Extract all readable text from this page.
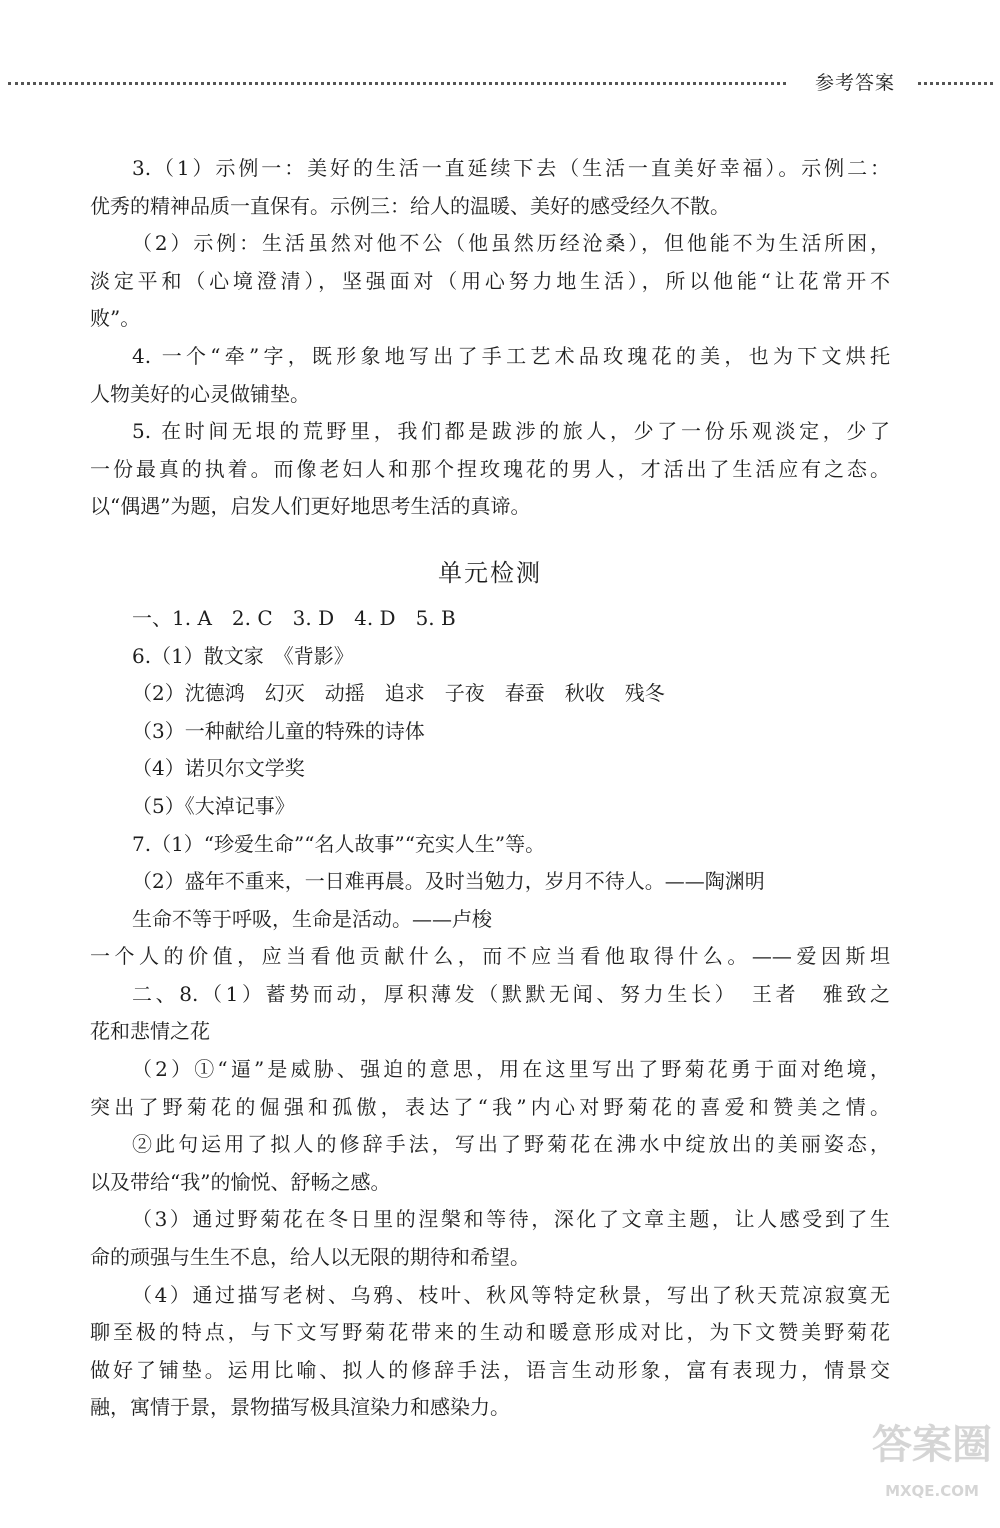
参考答案
3.（1）示例一：美好的生活一直延续下去（生活一直美好幸福）。示例二：
优秀的精神品质一直保有。示例三：给人的温暖、美好的感受经久不散。
（2）示例：生活虽然对他不公（他虽然历经沧桑），但他能不为生活所困，
淡定平和（心境澄清），坚强面对（用心努力地生活），所以他能“让花常开不
败”。
4. 一个“牵”字，既形象地写出了手工艺术品玫瑰花的美，也为下文烘托
人物美好的心灵做铺垫。
5. 在时间无垠的荒野里，我们都是跋涉的旅人，少了一份乐观淡定，少了
一份最真的执着。而像老妇人和那个捏玫瑰花的男人，才活出了生活应有之态。
以“偶遇”为题，启发人们更好地思考生活的真谛。
单元检测
一、1. A　2. C　3. D　4. D　5. B
6.（1）散文家　《背影》
（2）沈德鸿　幻灭　动摇　追求　子夜　春蚕　秋收　残冬
（3）一种献给儿童的特殊的诗体
（4）诺贝尔文学奖
（5）《大淖记事》
7.（1）“珍爱生命”“名人故事”“充实人生”等。
（2）盛年不重来，一日难再晨。及时当勉力，岁月不待人。——陶渊明
生命不等于呼吸，生命是活动。——卢梭
一个人的价值，应当看他贡献什么，而不应当看他取得什么。——爱因斯坦
二、8.（1）蓄势而动，厚积薄发（默默无闻、努力生长）　王者　雅致之
花和悲情之花
（2）①“逼”是威胁、强迫的意思，用在这里写出了野菊花勇于面对绝境，
突出了野菊花的倔强和孤傲，表达了“我”内心对野菊花的喜爱和赞美之情。
②此句运用了拟人的修辞手法，写出了野菊花在沸水中绽放出的美丽姿态，
以及带给“我”的愉悦、舒畅之感。
（3）通过野菊花在冬日里的涅槃和等待，深化了文章主题，让人感受到了生
命的顽强与生生不息，给人以无限的期待和希望。
（4）通过描写老树、乌鸦、枝叶、秋风等特定秋景，写出了秋天荒凉寂寞无
聊至极的特点，与下文写野菊花带来的生动和暖意形成对比，为下文赞美野菊花
做好了铺垫。运用比喻、拟人的修辞手法，语言生动形象，富有表现力，情景交
融，寓情于景，景物描写极具渲染力和感染力。
答案圈
MXQE.COM
